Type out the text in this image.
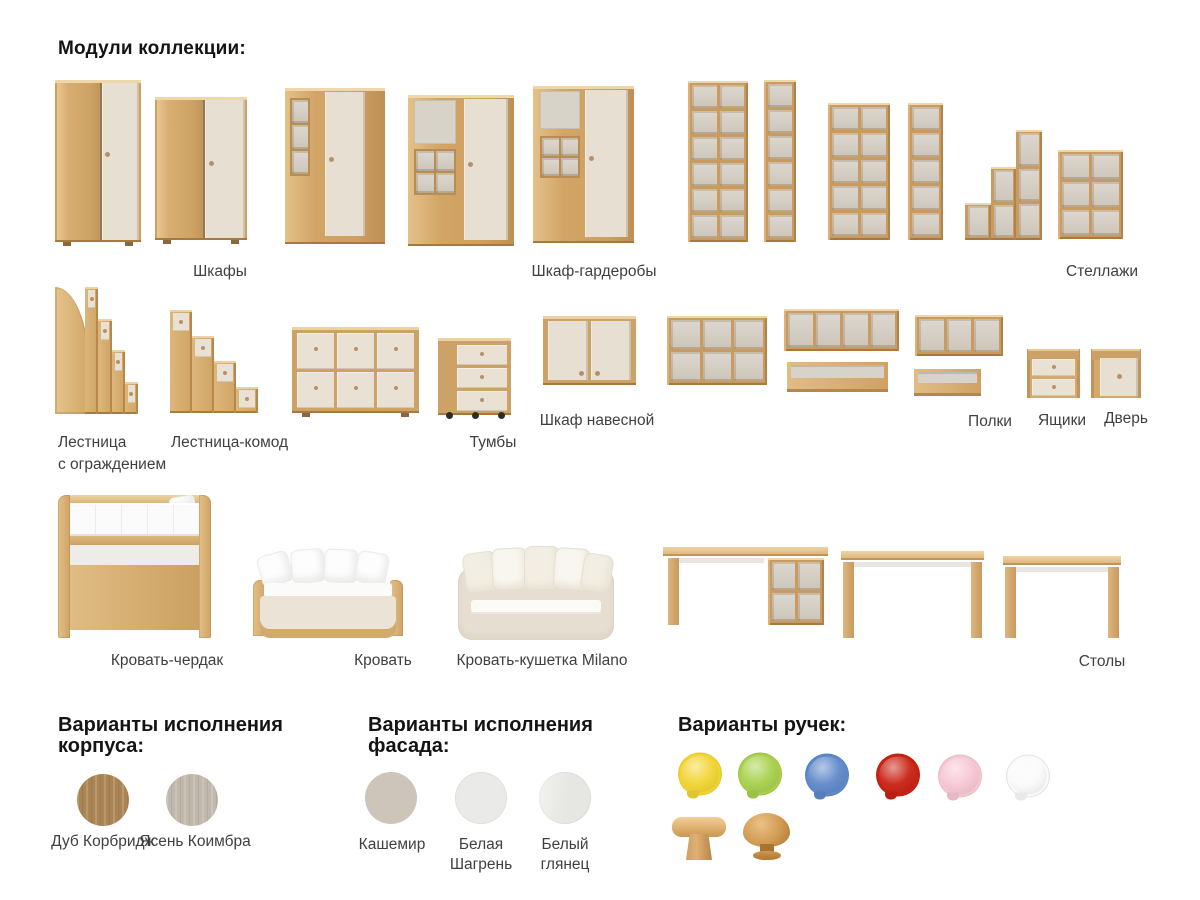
Модули коллекции:
Шкафы	Шкаф-гардеробы	Стеллажи
Лестница
с ограждением
Лестница-комод	Тумбы
Шкаф навесной	Полки Ящики Дверь
Кровать-чердак	Кровать	Кровать-кушетка Milano	Столы
Варианты исполнения
корпуса:
Дуб Корбридж
Ясень Коимбра
Варианты исполнения
фасада:
Кашемир	Белая Шагрень
Белый глянец
Варианты ручек:
